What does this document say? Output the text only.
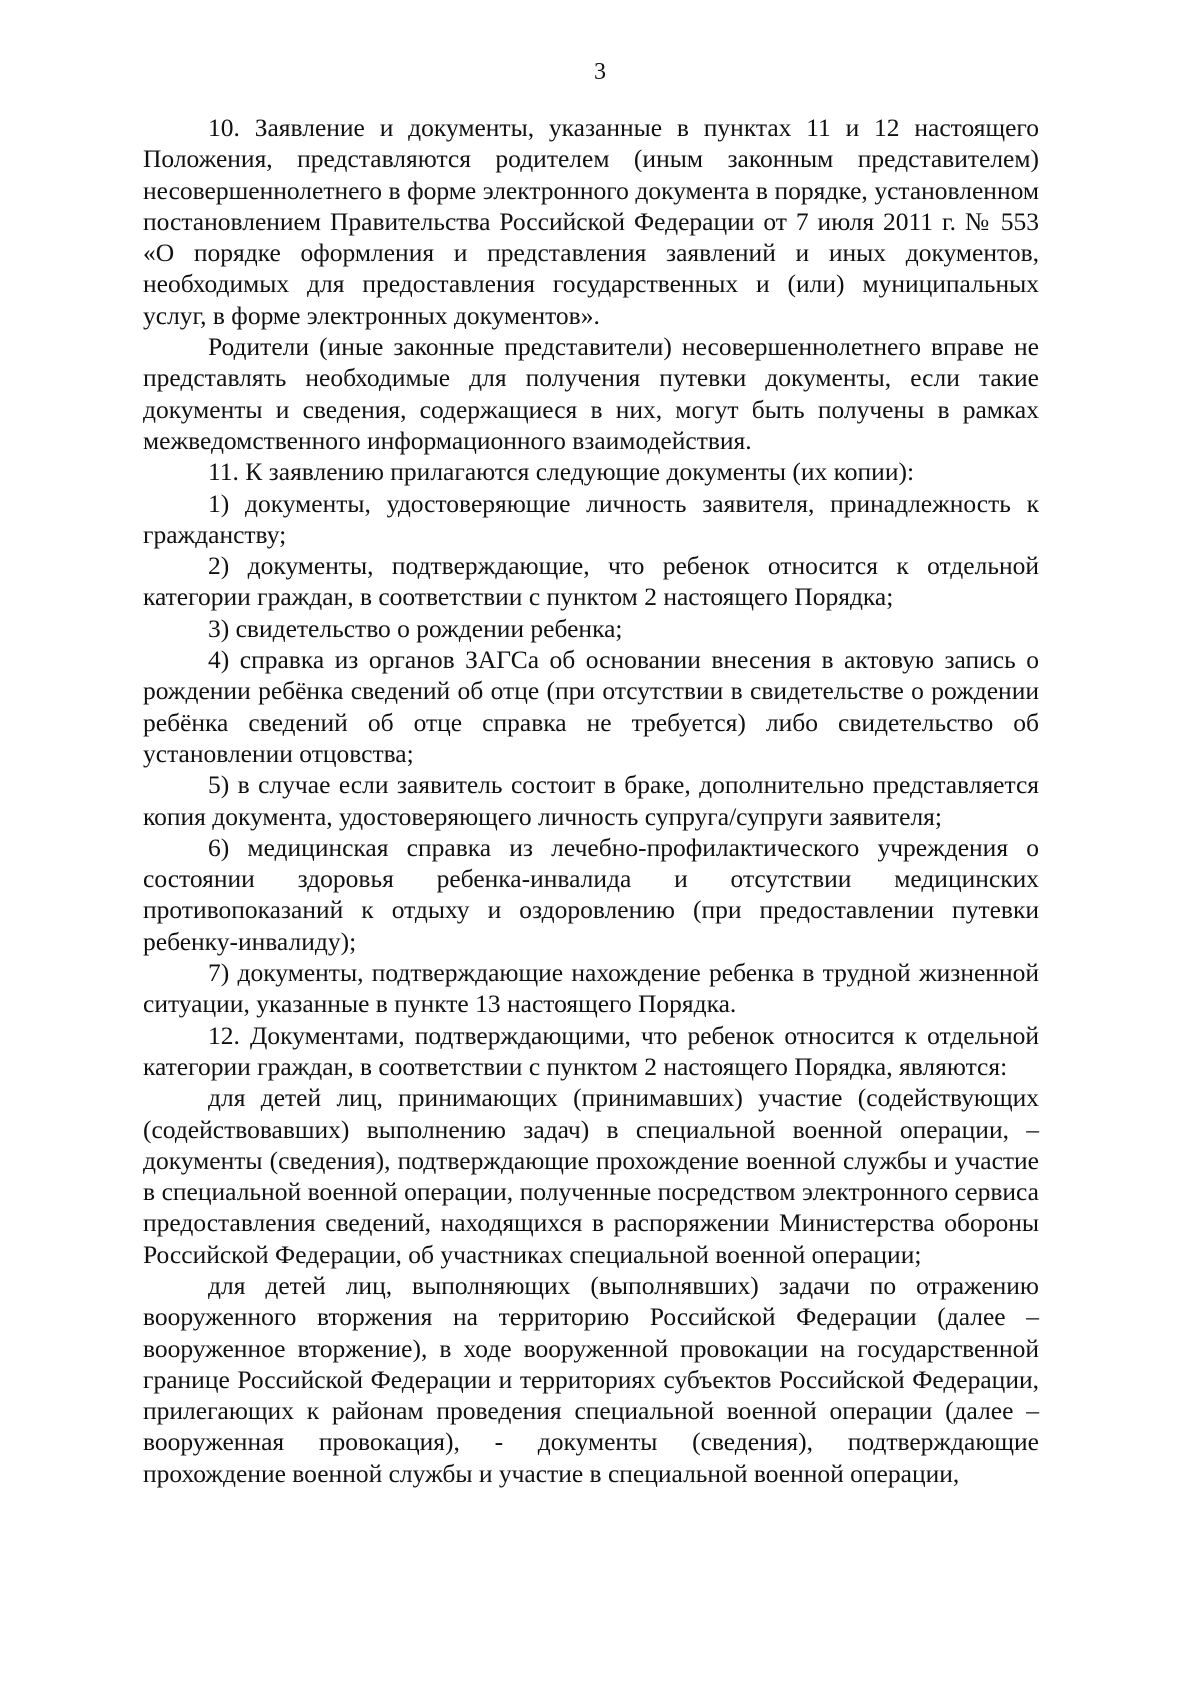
3

10. Заявление и документы, указанные в пунктах 11 и 12 настоящего Положения, представляются родителем (иным законным представителем) несовершеннолетнего в форме электронного документа в порядке, установленном постановлением Правительства Российской Федерации от 7 июля 2011 г. № 553 «О порядке оформления и представления заявлений и иных документов, необходимых для предоставления государственных и (или) муниципальных услуг, в форме электронных документов».

Родители (иные законные представители) несовершеннолетнего вправе не представлять необходимые для получения путевки документы, если такие документы и сведения, содержащиеся в них, могут быть получены в рамках межведомственного информационного взаимодействия.

11. К заявлению прилагаются следующие документы (их копии):

1) документы, удостоверяющие личность заявителя, принадлежность к гражданству;

2) документы, подтверждающие, что ребенок относится к отдельной категории граждан, в соответствии с пунктом 2 настоящего Порядка;

3) свидетельство о рождении ребенка;

4) справка из органов ЗАГСа об основании внесения в актовую запись о рождении ребёнка сведений об отце (при отсутствии в свидетельстве о рождении ребёнка сведений об отце справка не требуется) либо свидетельство об установлении отцовства;

5) в случае если заявитель состоит в браке, дополнительно представляется копия документа, удостоверяющего личность супруга/супруги заявителя;

6) медицинская справка из лечебно-профилактического учреждения о состоянии здоровья ребенка-инвалида и отсутствии медицинских противопоказаний к отдыху и оздоровлению (при предоставлении путевки ребенку-инвалиду);

7) документы, подтверждающие нахождение ребенка в трудной жизненной ситуации, указанные в пункте 13 настоящего Порядка.

12. Документами, подтверждающими, что ребенок относится к отдельной категории граждан, в соответствии с пунктом 2 настоящего Порядка, являются:

для детей лиц, принимающих (принимавших) участие (содействующих (содействовавших) выполнению задач) в специальной военной операции, – документы (сведения), подтверждающие прохождение военной службы и участие в специальной военной операции, полученные посредством электронного сервиса предоставления сведений, находящихся в распоряжении Министерства обороны Российской Федерации, об участниках специальной военной операции;

для детей лиц, выполняющих (выполнявших) задачи по отражению вооруженного вторжения на территорию Российской Федерации (далее – вооруженное вторжение), в ходе вооруженной провокации на государственной границе Российской Федерации и территориях субъектов Российской Федерации, прилегающих к районам проведения специальной военной операции (далее – вооруженная провокация), - документы (сведения), подтверждающие прохождение военной службы и участие в специальной военной операции,
